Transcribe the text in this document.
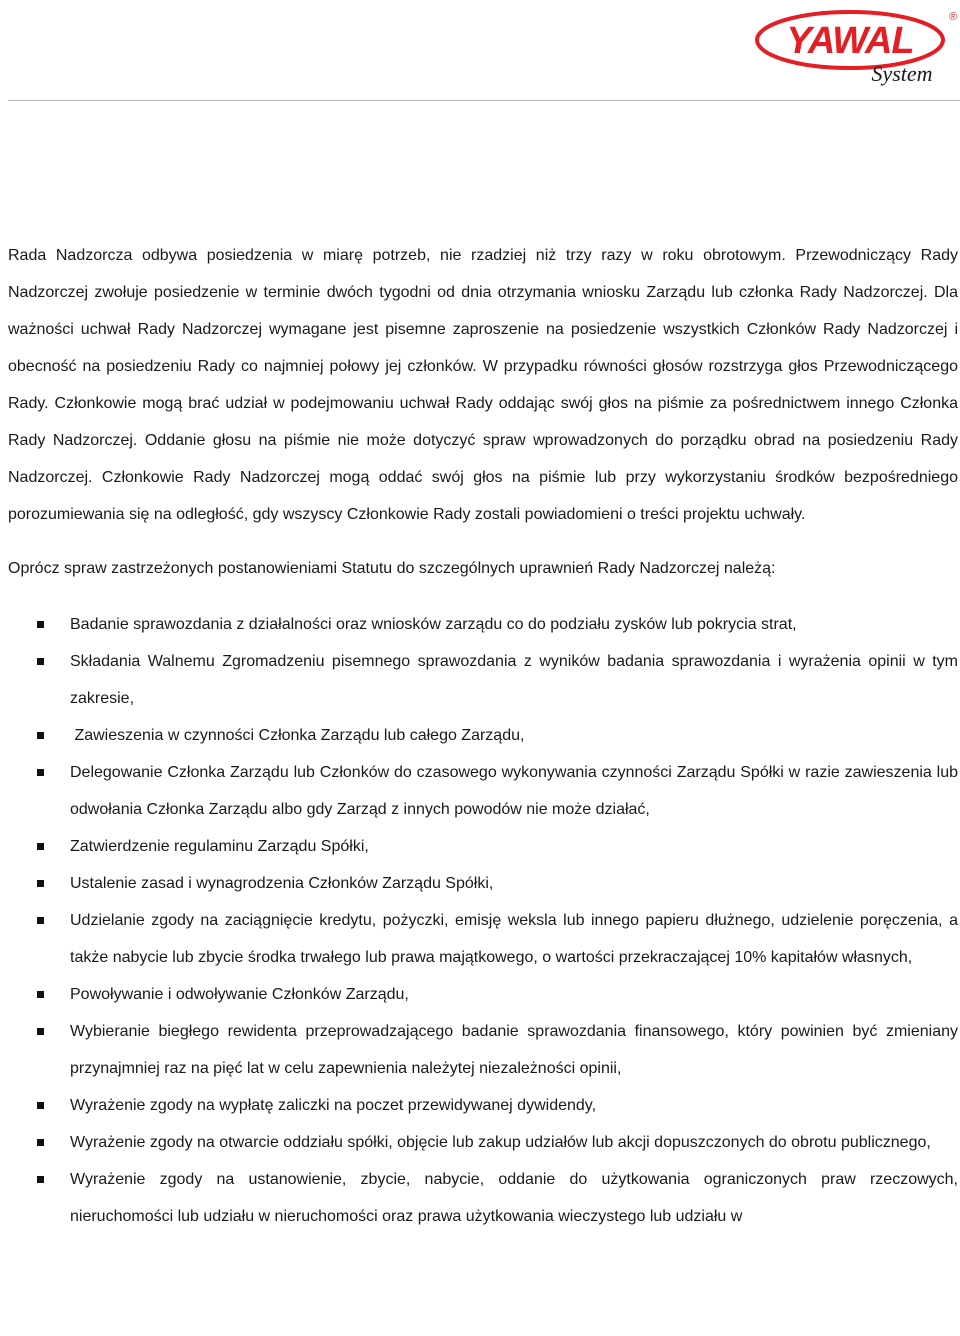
YAWAL
®
System

Rada Nadzorcza odbywa posiedzenia w miarę potrzeb, nie rzadziej niż trzy razy w roku obrotowym. Przewodniczący Rady Nadzorczej zwołuje posiedzenie w terminie dwóch tygodni od dnia otrzymania wniosku Zarządu lub członka Rady Nadzorczej. Dla ważności uchwał Rady Nadzorczej wymagane jest pisemne zaproszenie na posiedzenie wszystkich Członków Rady Nadzorczej i obecność na posiedzeniu Rady co najmniej połowy jej członków. W przypadku równości głosów rozstrzyga głos Przewodniczącego Rady. Członkowie mogą brać udział w podejmowaniu uchwał Rady oddając swój głos na piśmie za pośrednictwem innego Członka Rady Nadzorczej. Oddanie głosu na piśmie nie może dotyczyć spraw wprowadzonych do porządku obrad na posiedzeniu Rady Nadzorczej. Członkowie Rady Nadzorczej mogą oddać swój głos na piśmie lub przy wykorzystaniu środków bezpośredniego porozumiewania się na odległość, gdy wszyscy Członkowie Rady zostali powiadomieni o treści projektu uchwały.

Oprócz spraw zastrzeżonych postanowieniami Statutu do szczególnych uprawnień Rady Nadzorczej należą:

Badanie sprawozdania z działalności oraz wniosków zarządu co do podziału zysków lub pokrycia strat,
Składania Walnemu Zgromadzeniu pisemnego sprawozdania z wyników badania sprawozdania i wyrażenia opinii w tym zakresie,
Zawieszenia w czynności Członka Zarządu lub całego Zarządu,
Delegowanie Członka Zarządu lub Członków do czasowego wykonywania czynności Zarządu Spółki w razie zawieszenia lub odwołania Członka Zarządu albo gdy Zarząd z innych powodów nie może działać,
Zatwierdzenie regulaminu Zarządu Spółki,
Ustalenie zasad i wynagrodzenia Członków Zarządu Spółki,
Udzielanie zgody na zaciągnięcie kredytu, pożyczki, emisję weksla lub innego papieru dłużnego, udzielenie poręczenia, a także nabycie lub zbycie środka trwałego lub prawa majątkowego, o wartości przekraczającej 10% kapitałów własnych,
Powoływanie i odwoływanie Członków Zarządu,
Wybieranie biegłego rewidenta przeprowadzającego badanie sprawozdania finansowego, który powinien być zmieniany przynajmniej raz na pięć lat w celu zapewnienia należytej niezależności opinii,
Wyrażenie zgody na wypłatę zaliczki na poczet przewidywanej dywidendy,
Wyrażenie zgody na otwarcie oddziału spółki, objęcie lub zakup udziałów lub akcji dopuszczonych do obrotu publicznego,
Wyrażenie zgody na ustanowienie, zbycie, nabycie, oddanie do użytkowania ograniczonych praw rzeczowych, nieruchomości lub udziału w nieruchomości oraz prawa użytkowania wieczystego lub udziału w
